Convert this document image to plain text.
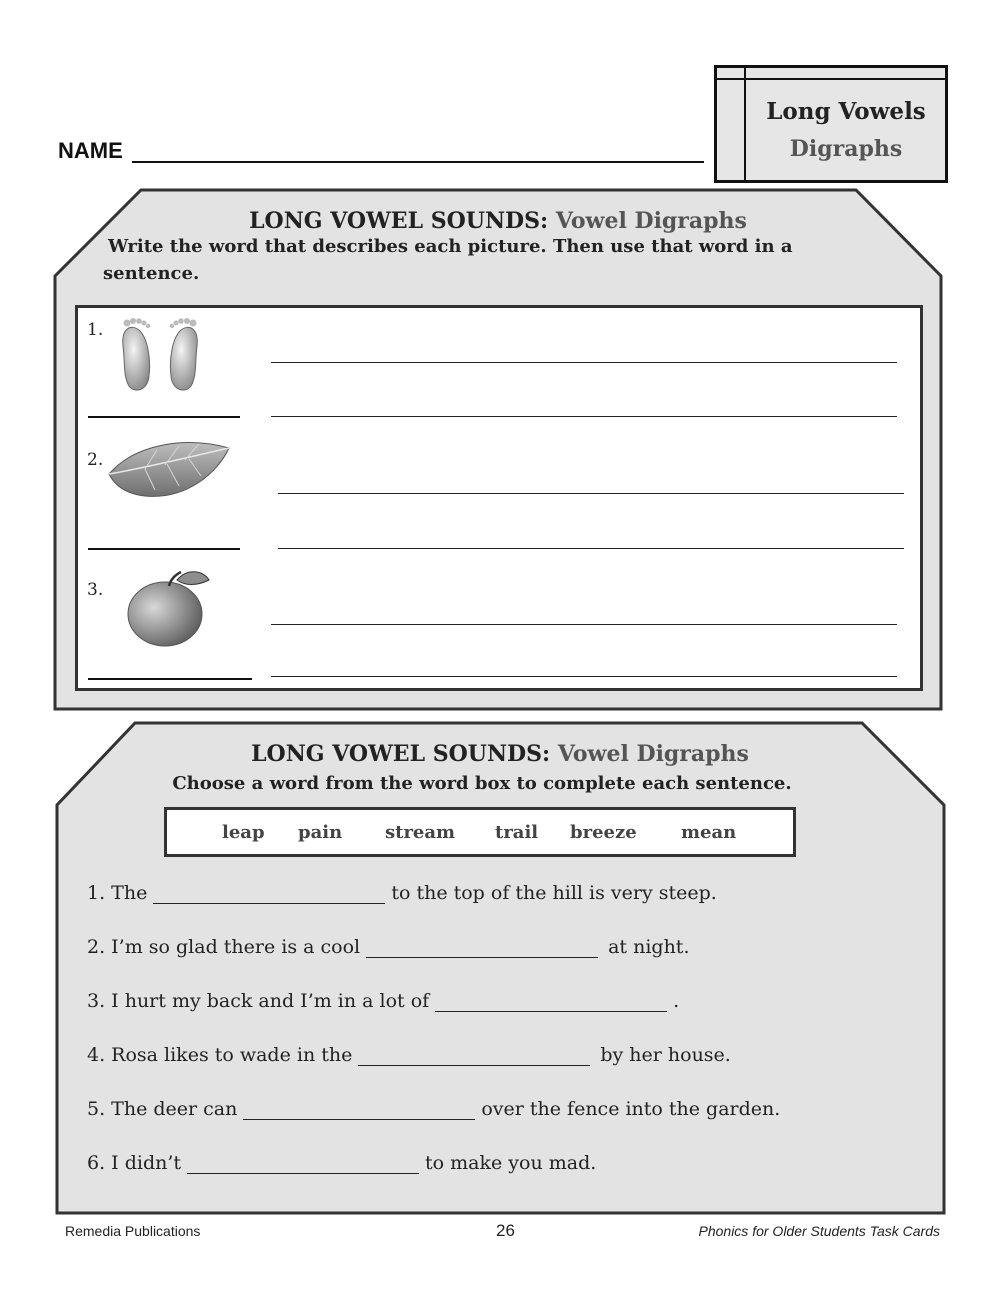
NAME
Long Vowels
Digraphs
LONG VOWEL SOUNDS: Vowel Digraphs
Write the word that describes each picture. Then use that word in a sentence.
1.
2.
3.
LONG VOWEL SOUNDS: Vowel Digraphs
Choose a word from the word box to complete each sentence.
leap pain stream trail breeze mean
1. The	to the top of the hill is very steep.
2. I’m so glad there is a cool	at night.
3. I hurt my back and I’m in a lot of	.
4. Rosa likes to wade in the	by her house.
5. The deer can	over the fence into the garden.
6. I didn’t	to make you mad.
Remedia Publications	26	Phonics for Older Students Task Cards
